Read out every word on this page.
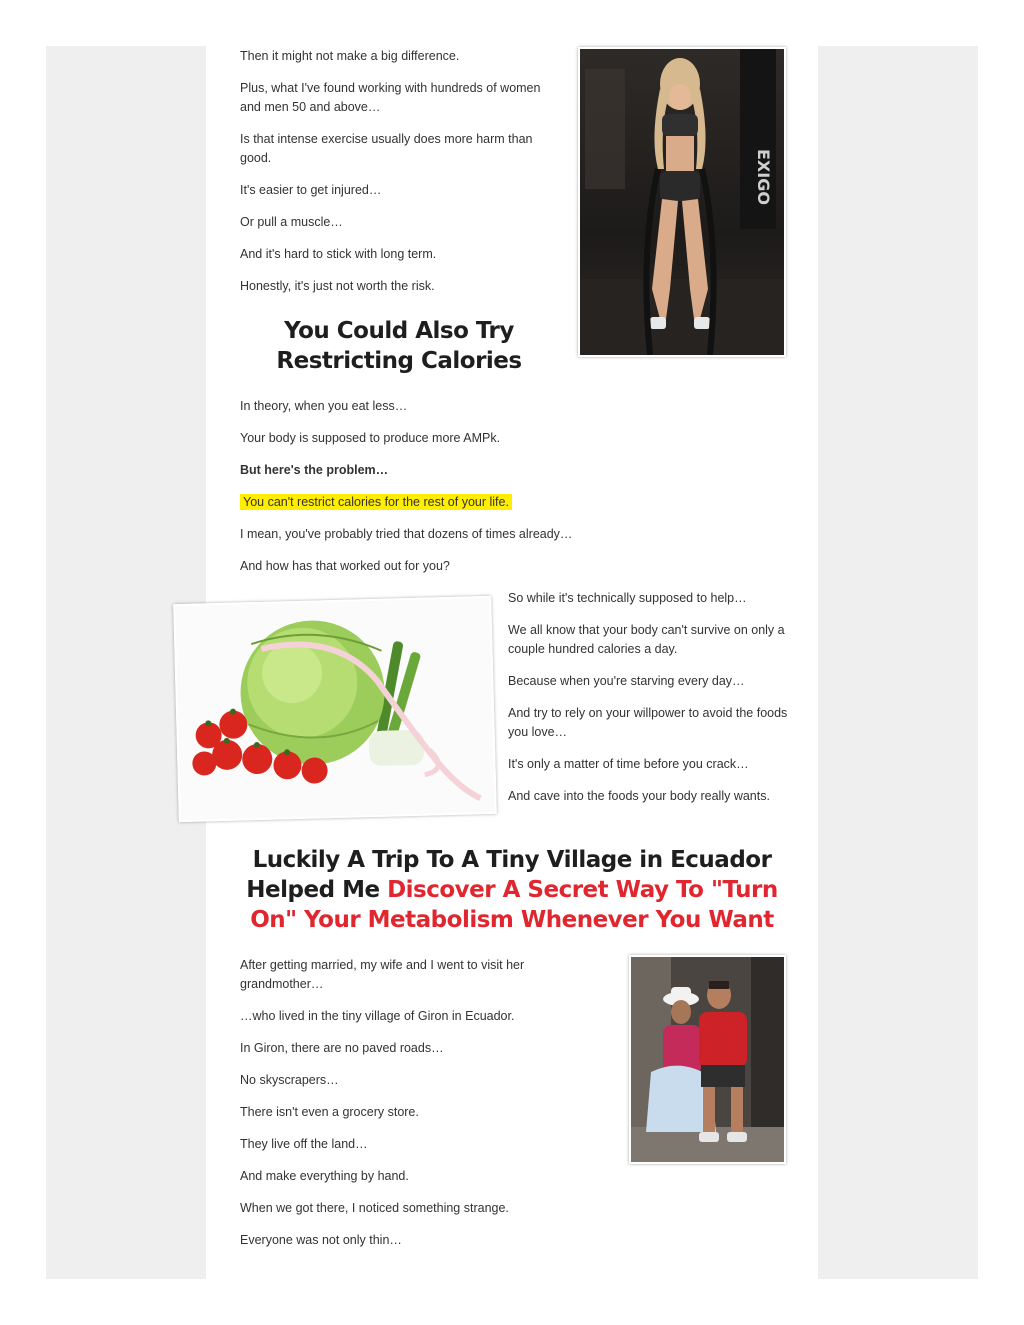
Then it might not make a big difference.

Plus, what I've found working with hundreds of women and men 50 and above…

Is that intense exercise usually does more harm than good.

It's easier to get injured…

Or pull a muscle…

And it's hard to stick with long term.

Honestly, it's just not worth the risk.

EXIGO
You Could Also Try Restricting Calories

In theory, when you eat less…

Your body is supposed to produce more AMPk.

But here's the problem…

You can't restrict calories for the rest of your life.

I mean, you've probably tried that dozens of times already…

And how has that worked out for you?

So while it's technically supposed to help…

We all know that your body can't survive on only a couple hundred calories a day.

Because when you're starving every day…

And try to rely on your willpower to avoid the foods you love…

It's only a matter of time before you crack…

And cave into the foods your body really wants.

Luckily A Trip To A Tiny Village in Ecuador Helped Me Discover A Secret Way To "Turn On" Your Metabolism Whenever You Want

After getting married, my wife and I went to visit her grandmother…

…who lived in the tiny village of Giron in Ecuador.

In Giron, there are no paved roads…

No skyscrapers…

There isn't even a grocery store.

They live off the land…

And make everything by hand.

When we got there, I noticed something strange.

Everyone was not only thin…
